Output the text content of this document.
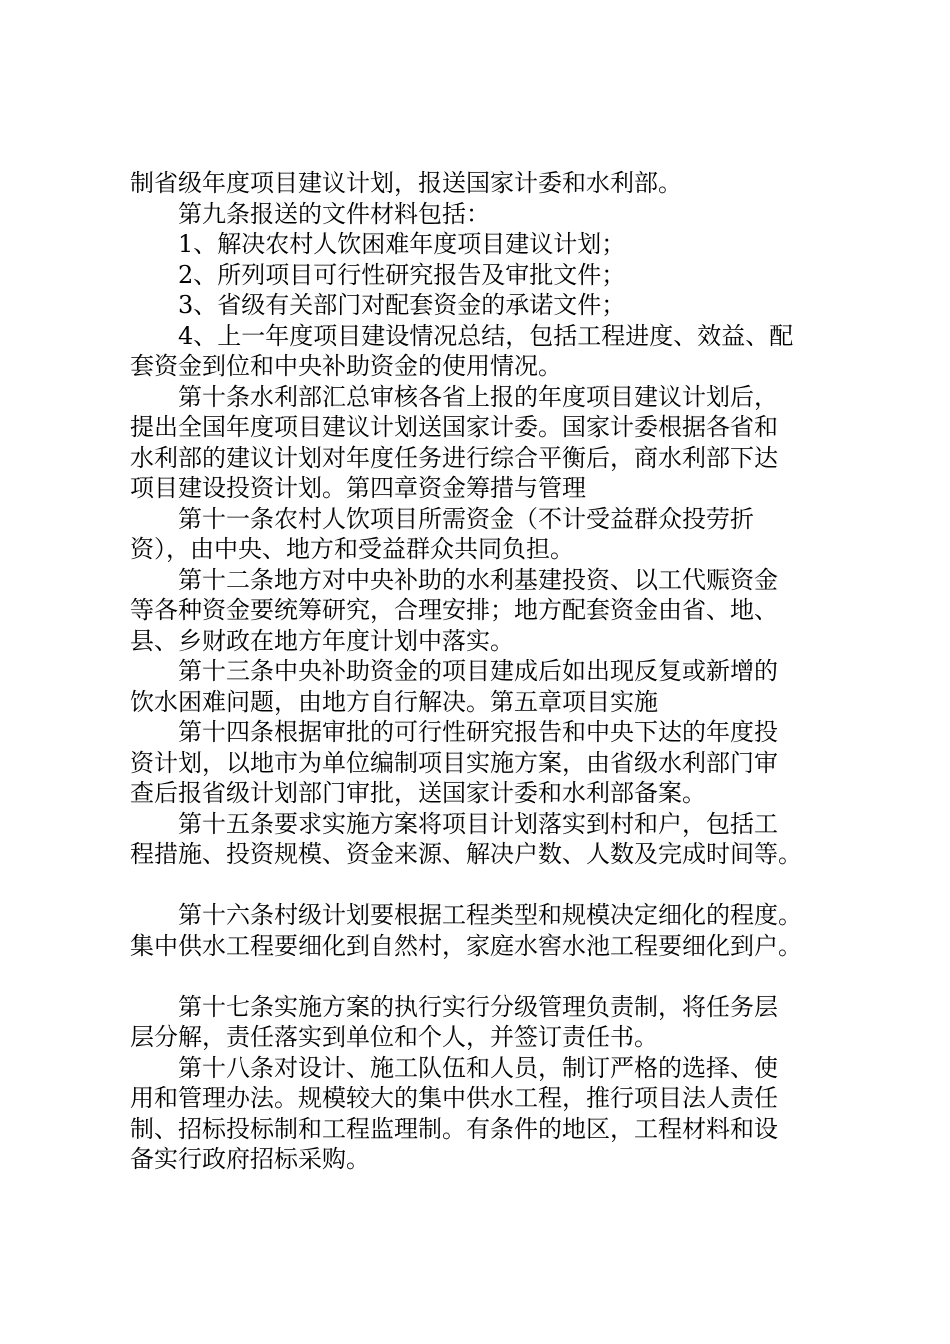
制省级年度项目建议计划，报送国家计委和水利部。
　　第九条报送的文件材料包括：
　　1、解决农村人饮困难年度项目建议计划；
　　2、所列项目可行性研究报告及审批文件；
　　3、省级有关部门对配套资金的承诺文件；
　　4、上一年度项目建设情况总结，包括工程进度、效益、配
套资金到位和中央补助资金的使用情况。
　　第十条水利部汇总审核各省上报的年度项目建议计划后，
提出全国年度项目建议计划送国家计委。国家计委根据各省和
水利部的建议计划对年度任务进行综合平衡后，商水利部下达
项目建设投资计划。第四章资金筹措与管理
　　第十一条农村人饮项目所需资金（不计受益群众投劳折
资），由中央、地方和受益群众共同负担。
　　第十二条地方对中央补助的水利基建投资、以工代赈资金
等各种资金要统筹研究，合理安排；地方配套资金由省、地、
县、乡财政在地方年度计划中落实。
　　第十三条中央补助资金的项目建成后如出现反复或新增的
饮水困难问题，由地方自行解决。第五章项目实施
　　第十四条根据审批的可行性研究报告和中央下达的年度投
资计划，以地市为单位编制项目实施方案，由省级水利部门审
查后报省级计划部门审批，送国家计委和水利部备案。
　　第十五条要求实施方案将项目计划落实到村和户，包括工
程措施、投资规模、资金来源、解决户数、人数及完成时间等。
　　第十六条村级计划要根据工程类型和规模决定细化的程度。
集中供水工程要细化到自然村，家庭水窖水池工程要细化到户。
　　第十七条实施方案的执行实行分级管理负责制，将任务层
层分解，责任落实到单位和个人，并签订责任书。
　　第十八条对设计、施工队伍和人员，制订严格的选择、使
用和管理办法。规模较大的集中供水工程，推行项目法人责任
制、招标投标制和工程监理制。有条件的地区，工程材料和设
备实行政府招标采购。
